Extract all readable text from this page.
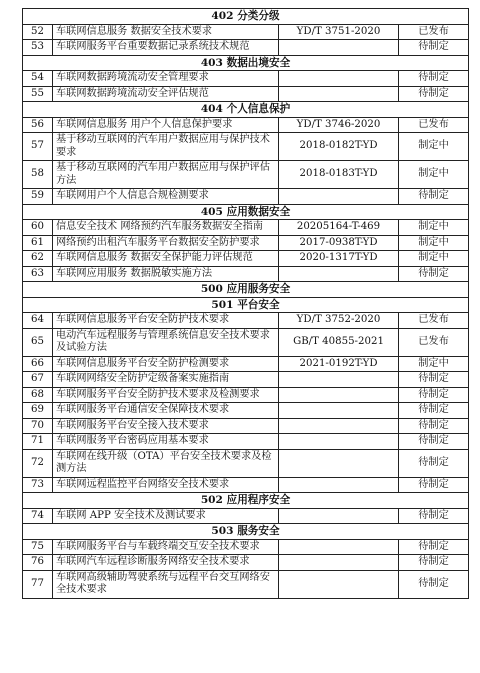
402 分类分级			
52	车联网信息服务 数据安全技术要求	YD/T 3751-2020	已发布
53	车联网服务平台重要数据记录系统技术规范		待制定
403 数据出境安全			
54	车联网数据跨境流动安全管理要求		待制定
55	车联网数据跨境流动安全评估规范		待制定
404 个人信息保护			
56	车联网信息服务 用户个人信息保护要求	YD/T 3746-2020	已发布
57	基于移动互联网的汽车用户数据应用与保护技术要求	2018-0182T-YD	制定中
58	基于移动互联网的汽车用户数据应用与保护评估方法	2018-0183T-YD	制定中
59	车联网用户个人信息合规检测要求		待制定
405 应用数据安全			
60	信息安全技术 网络预约汽车服务数据安全指南	20205164-T-469	制定中
61	网络预约出租汽车服务平台数据安全防护要求	2017-0938T-YD	制定中
62	车联网信息服务 数据安全保护能力评估规范	2020-1317T-YD	制定中
63	车联网应用服务 数据脱敏实施方法		待制定
500 应用服务安全			
501 平台安全			
64	车联网信息服务平台安全防护技术要求	YD/T 3752-2020	已发布
65	电动汽车远程服务与管理系统信息安全技术要求及试验方法	GB/T 40855-2021	已发布
66	车联网信息服务平台安全防护检测要求	2021-0192T-YD	制定中
67	车联网网络安全防护定级备案实施指南		待制定
68	车联网服务平台安全防护技术要求及检测要求		待制定
69	车联网服务平台通信安全保障技术要求		待制定
70	车联网服务平台安全接入技术要求		待制定
71	车联网服务平台密码应用基本要求		待制定
72	车联网在线升级（OTA）平台安全技术要求及检测方法		待制定
73	车联网远程监控平台网络安全技术要求		待制定
502 应用程序安全			
74	车联网 APP 安全技术及测试要求		待制定
503 服务安全			
75	车联网服务平台与车载终端交互安全技术要求		待制定
76	车联网汽车远程诊断服务网络安全技术要求		待制定
77	车联网高级辅助驾驶系统与远程平台交互网络安全技术要求		待制定
